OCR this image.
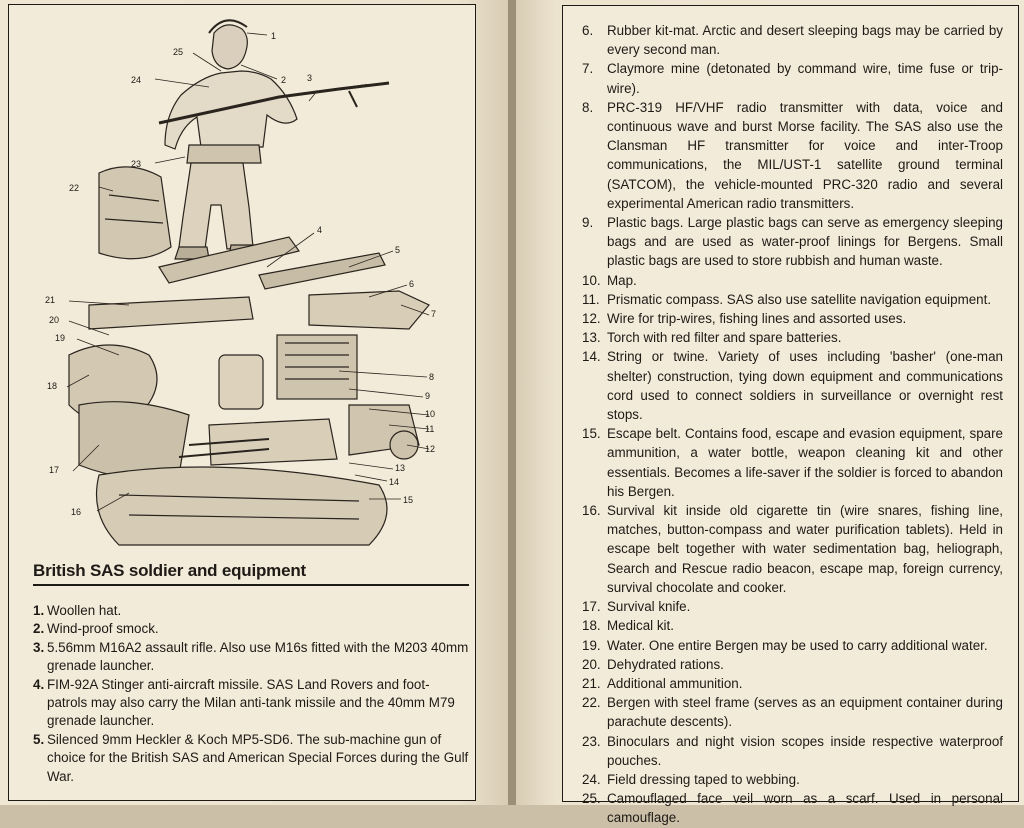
1
2 3
4
5
6
7
8
9
10
11
12
13
14
15
16
17
18
19
20
21
22
23
24
25
British SAS soldier and equipment
1. Woollen hat.
2. Wind-proof smock.
3. 5.56mm M16A2 assault rifle. Also use M16s fitted with the M203 40mm grenade launcher.
4. FIM-92A Stinger anti-aircraft missile. SAS Land Rovers and foot-patrols may also carry the Milan anti-tank missile and the 40mm M79 grenade launcher.
5. Silenced 9mm Heckler & Koch MP5-SD6. The sub-machine gun of choice for the British SAS and American Special Forces during the Gulf War.
6. Rubber kit-mat. Arctic and desert sleeping bags may be carried by every second man.
7. Claymore mine (detonated by command wire, time fuse or trip-wire).
8. PRC-319 HF/VHF radio transmitter with data, voice and continuous wave and burst Morse facility. The SAS also use the Clansman HF transmitter for voice and inter-Troop communications, the MIL/UST-1 satellite ground terminal (SATCOM), the vehicle-mounted PRC-320 radio and several experimental American radio transmitters.
9. Plastic bags. Large plastic bags can serve as emergency sleeping bags and are used as water-proof linings for Bergens. Small plastic bags are used to store rubbish and human waste.
10. Map.
11. Prismatic compass. SAS also use satellite navigation equipment.
12. Wire for trip-wires, fishing lines and assorted uses.
13. Torch with red filter and spare batteries.
14. String or twine. Variety of uses including 'basher' (one-man shelter) construction, tying down equipment and communications cord used to connect soldiers in surveillance or overnight rest stops.
15. Escape belt. Contains food, escape and evasion equipment, spare ammunition, a water bottle, weapon cleaning kit and other essentials. Becomes a life-saver if the soldier is forced to abandon his Bergen.
16. Survival kit inside old cigarette tin (wire snares, fishing line, matches, button-compass and water purification tablets). Held in escape belt together with water sedimentation bag, heliograph, Search and Rescue radio beacon, escape map, foreign currency, survival chocolate and cooker.
17. Survival knife.
18. Medical kit.
19. Water. One entire Bergen may be used to carry additional water.
20. Dehydrated rations.
21. Additional ammunition.
22. Bergen with steel frame (serves as an equipment container during parachute descents).
23. Binoculars and night vision scopes inside respective waterproof pouches.
24. Field dressing taped to webbing.
25. Camouflaged face veil worn as a scarf. Used in personal camouflage.
